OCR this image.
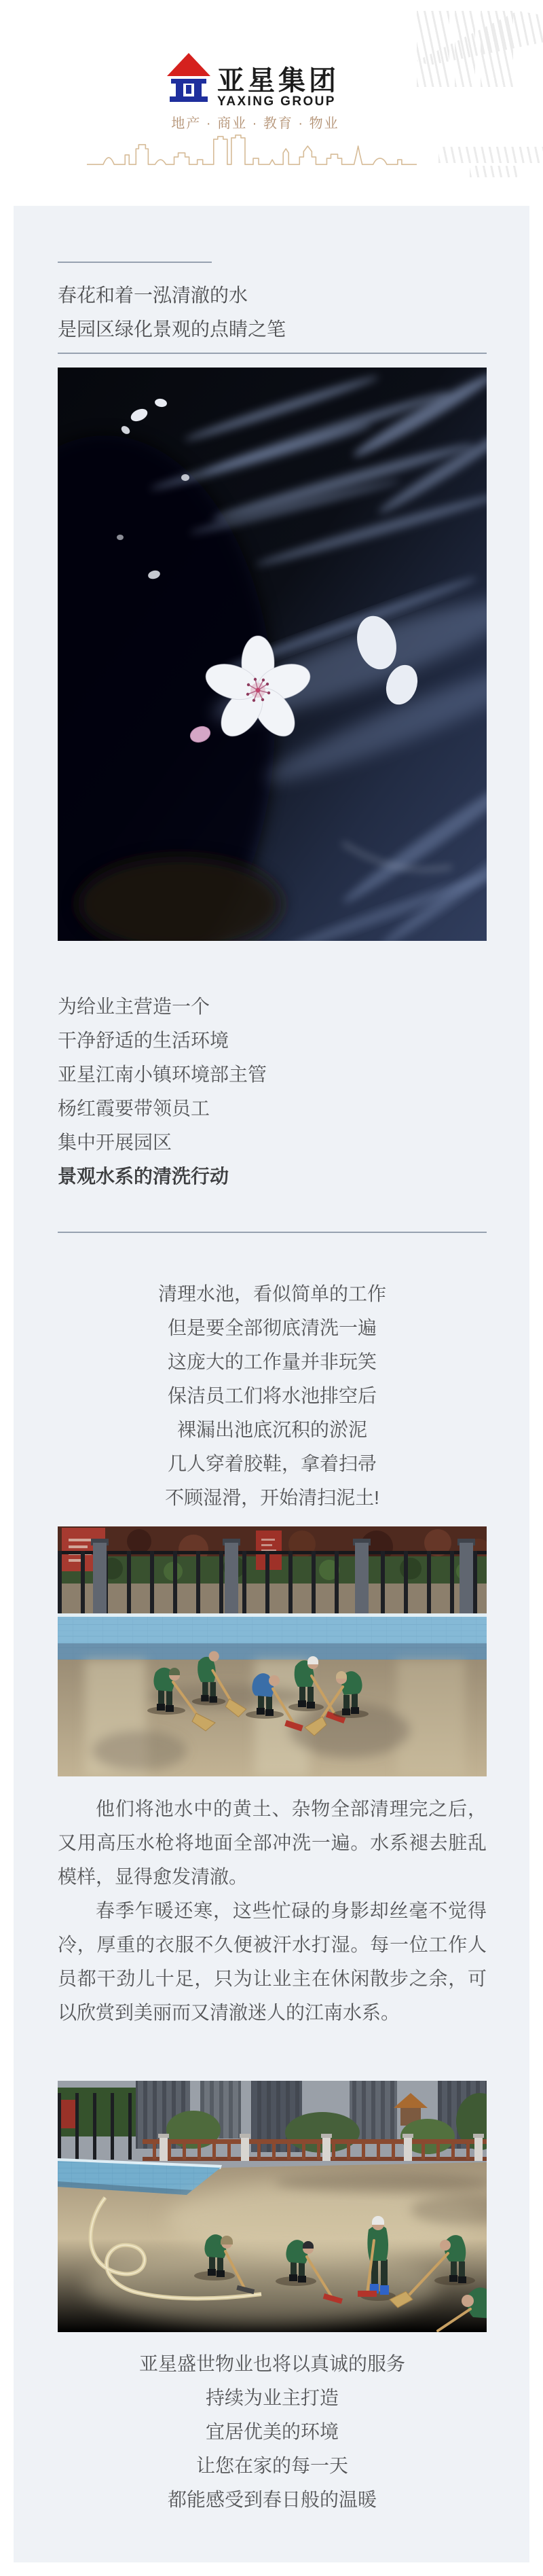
亚星集团
YAXING GROUP
地产 · 商业 · 教育 · 物业
春花和着一泓清澈的水
是园区绿化景观的点睛之笔
为给业主营造一个
干净舒适的生活环境
亚星江南小镇环境部主管
杨红霞要带领员工
集中开展园区
景观水系的清洗行动
清理水池，看似简单的工作
但是要全部彻底清洗一遍
这庞大的工作量并非玩笑
保洁员工们将水池排空后
裸漏出池底沉积的淤泥
几人穿着胶鞋，拿着扫帚
不顾湿滑，开始清扫泥土!

他们将池水中的黄土、杂物全部清理完之后，又用高压水枪将地面全部冲洗一遍。水系褪去脏乱模样，显得愈发清澈。

春季乍暖还寒，这些忙碌的身影却丝毫不觉得冷，厚重的衣服不久便被汗水打湿。每一位工作人员都干劲儿十足，只为让业主在休闲散步之余，可以欣赏到美丽而又清澈迷人的江南水系。

亚星盛世物业也将以真诚的服务
持续为业主打造
宜居优美的环境
让您在家的每一天
都能感受到春日般的温暖
